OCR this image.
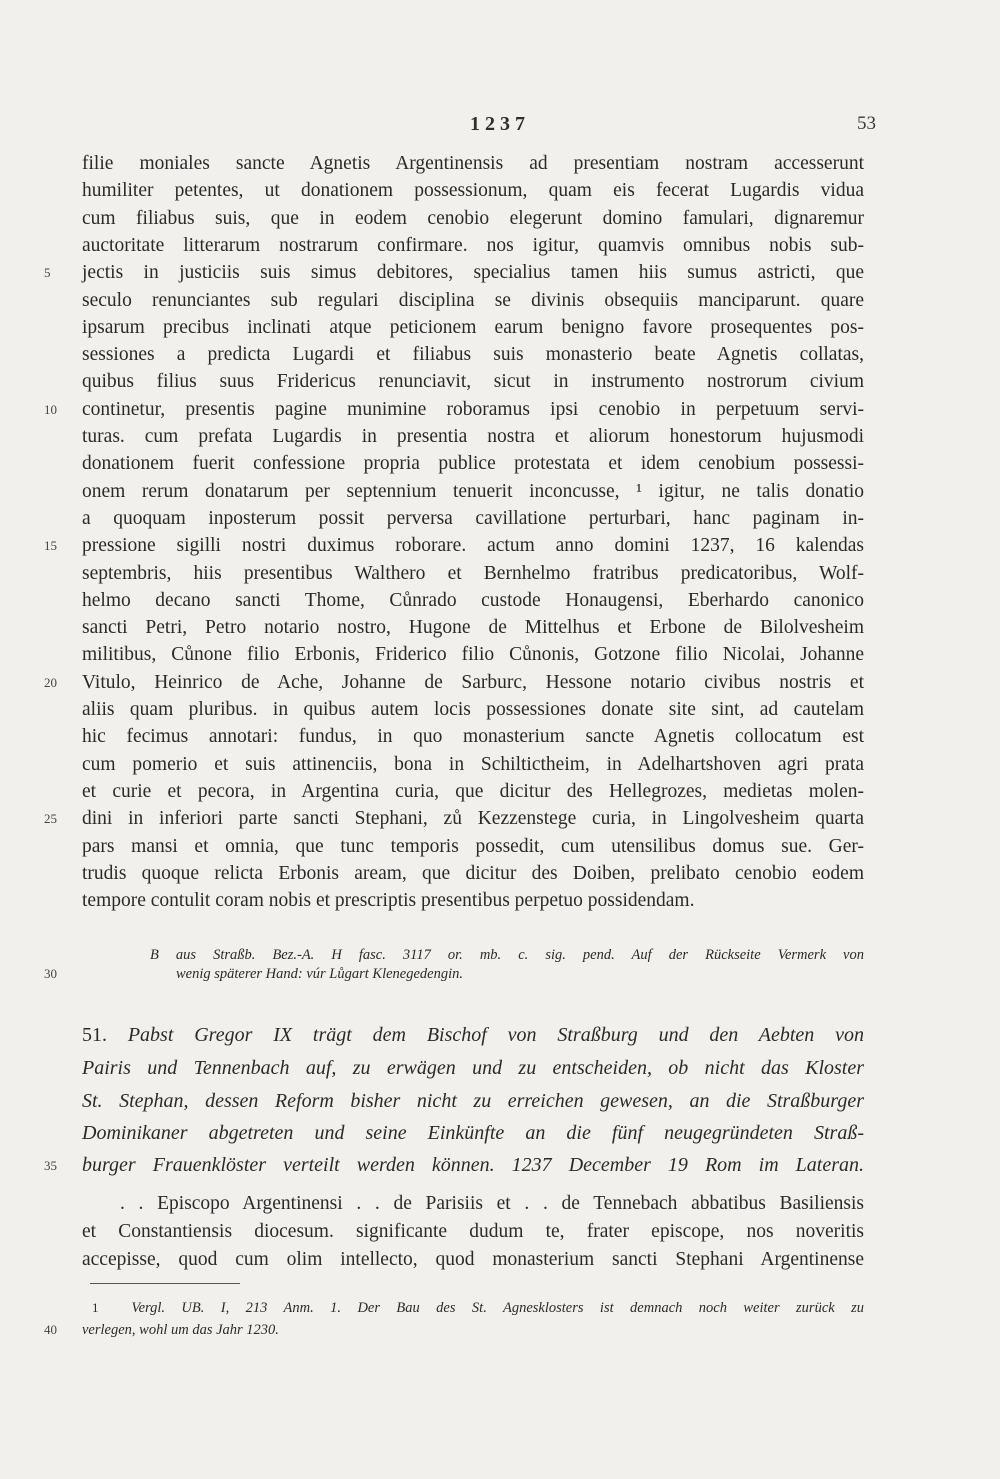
1237	53
filie moniales sancte Agnetis Argentinensis ad presentiam nostram accesserunt
humiliter petentes, ut donationem possessionum, quam eis fecerat Lugardis vidua
cum filiabus suis, que in eodem cenobio elegerunt domino famulari, dignaremur
auctoritate litterarum nostrarum confirmare. nos igitur, quamvis omnibus nobis sub-
jectis in justiciis suis simus debitores, specialius tamen hiis sumus astricti, que
5
seculo renunciantes sub regulari disciplina se divinis obsequiis manciparunt. quare
ipsarum precibus inclinati atque peticionem earum benigno favore prosequentes pos-
sessiones a predicta Lugardi et filiabus suis monasterio beate Agnetis collatas,
quibus filius suus Fridericus renunciavit, sicut in instrumento nostrorum civium
continetur, presentis pagine munimine roboramus ipsi cenobio in perpetuum servi-
10
turas. cum prefata Lugardis in presentia nostra et aliorum honestorum hujusmodi
donationem fuerit confessione propria publice protestata et idem cenobium possessi-
onem rerum donatarum per septennium tenuerit inconcusse, ¹ igitur, ne talis donatio
a quoquam inposterum possit perversa cavillatione perturbari, hanc paginam in-
pressione sigilli nostri duximus roborare. actum anno domini 1237, 16 kalendas
15
septembris, hiis presentibus Walthero et Bernhelmo fratribus predicatoribus, Wolf-
helmo decano sancti Thome, Cůnrado custode Honaugensi, Eberhardo canonico
sancti Petri, Petro notario nostro, Hugone de Mittelhus et Erbone de Bilolvesheim
militibus, Cůnone filio Erbonis, Friderico filio Cůnonis, Gotzone filio Nicolai, Johanne
Vitulo, Heinrico de Ache, Johanne de Sarburc, Hessone notario civibus nostris et
20
aliis quam pluribus. in quibus autem locis possessiones donate site sint, ad cautelam
hic fecimus annotari: fundus, in quo monasterium sancte Agnetis collocatum est
cum pomerio et suis attinenciis, bona in Schiltictheim, in Adelhartshoven agri prata
et curie et pecora, in Argentina curia, que dicitur des Hellegrozes, medietas molen-
dini in inferiori parte sancti Stephani, zů Kezzenstege curia, in Lingolvesheim quarta
25
pars mansi et omnia, que tunc temporis possedit, cum utensilibus domus sue. Ger-
trudis quoque relicta Erbonis aream, que dicitur des Doiben, prelibato cenobio eodem
tempore contulit coram nobis et prescriptis presentibus perpetuo possidendam.
B aus Straßb. Bez.-A. H fasc. 3117 or. mb. c. sig. pend. Auf der Rückseite Vermerk von
wenig späterer Hand: vúr Lůgart Klenegedengin.
30
51. Pabst Gregor IX trägt dem Bischof von Straßburg und den Aebten von
Pairis und Tennenbach auf, zu erwägen und zu entscheiden, ob nicht das Kloster
St. Stephan, dessen Reform bisher nicht zu erreichen gewesen, an die Straßburger
Dominikaner abgetreten und seine Einkünfte an die fünf neugegründeten Straß-
burger Frauenklöster verteilt werden können. 1237 December 19 Rom im Lateran.
35
. . Episcopo Argentinensi . . de Parisiis et . . de Tennebach abbatibus Basiliensis
et Constantiensis diocesum. significante dudum te, frater episcope, nos noveritis
accepisse, quod cum olim intellecto, quod monasterium sancti Stephani Argentinense
1 Vergl. UB. I, 213 Anm. 1. Der Bau des St. Agnesklosters ist demnach noch weiter zurück zu
verlegen, wohl um das Jahr 1230.
40
